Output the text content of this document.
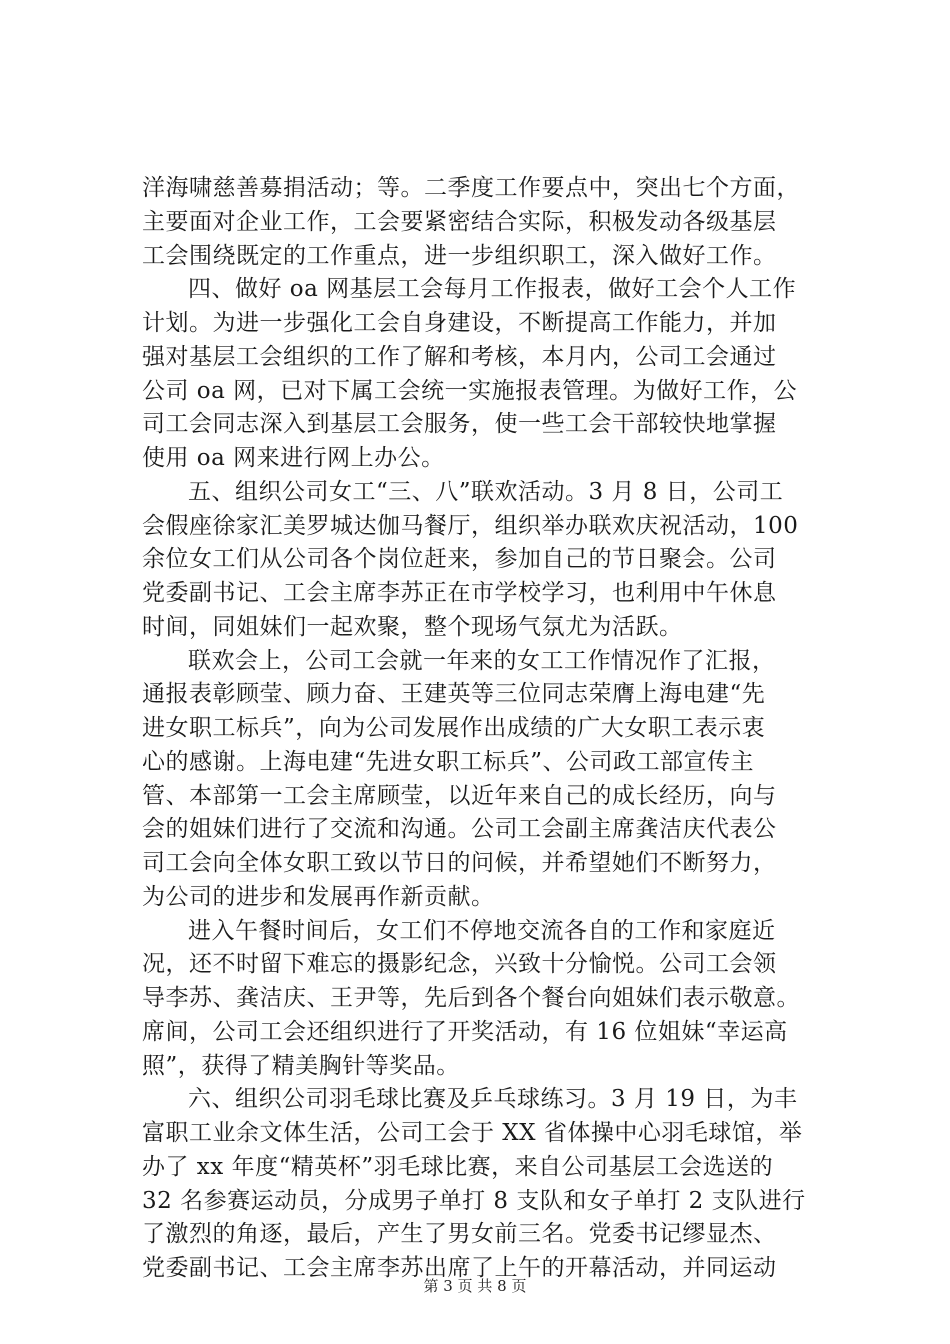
洋海啸慈善募捐活动；等。二季度工作要点中，突出七个方面，
主要面对企业工作，工会要紧密结合实际，积极发动各级基层
工会围绕既定的工作重点，进一步组织职工，深入做好工作。
四、做好 oa 网基层工会每月工作报表，做好工会个人工作
计划。为进一步强化工会自身建设，不断提高工作能力，并加
强对基层工会组织的工作了解和考核，本月内，公司工会通过
公司 oa 网，已对下属工会统一实施报表管理。为做好工作，公
司工会同志深入到基层工会服务，使一些工会干部较快地掌握
使用 oa 网来进行网上办公。
五、组织公司女工“三、八”联欢活动。3 月 8 日，公司工
会假座徐家汇美罗城达伽马餐厅，组织举办联欢庆祝活动，100
余位女工们从公司各个岗位赶来，参加自己的节日聚会。公司
党委副书记、工会主席李苏正在市学校学习，也利用中午休息
时间，同姐妹们一起欢聚，整个现场气氛尤为活跃。
联欢会上，公司工会就一年来的女工工作情况作了汇报，
通报表彰顾莹、顾力奋、王建英等三位同志荣膺上海电建“先
进女职工标兵”，向为公司发展作出成绩的广大女职工表示衷
心的感谢。上海电建“先进女职工标兵”、公司政工部宣传主
管、本部第一工会主席顾莹，以近年来自己的成长经历，向与
会的姐妹们进行了交流和沟通。公司工会副主席龚洁庆代表公
司工会向全体女职工致以节日的问候，并希望她们不断努力，
为公司的进步和发展再作新贡献。
进入午餐时间后，女工们不停地交流各自的工作和家庭近
况，还不时留下难忘的摄影纪念，兴致十分愉悦。公司工会领
导李苏、龚洁庆、王尹等，先后到各个餐台向姐妹们表示敬意。
席间，公司工会还组织进行了开奖活动，有 16 位姐妹“幸运高
照”，获得了精美胸针等奖品。
六、组织公司羽毛球比赛及乒乓球练习。3 月 19 日，为丰
富职工业余文体生活，公司工会于 XX 省体操中心羽毛球馆，举
办了 xx 年度“精英杯”羽毛球比赛，来自公司基层工会选送的
32 名参赛运动员，分成男子单打 8 支队和女子单打 2 支队进行
了激烈的角逐，最后，产生了男女前三名。党委书记缪显杰、
党委副书记、工会主席李苏出席了上午的开幕活动，并同运动
第 3 页 共 8 页
